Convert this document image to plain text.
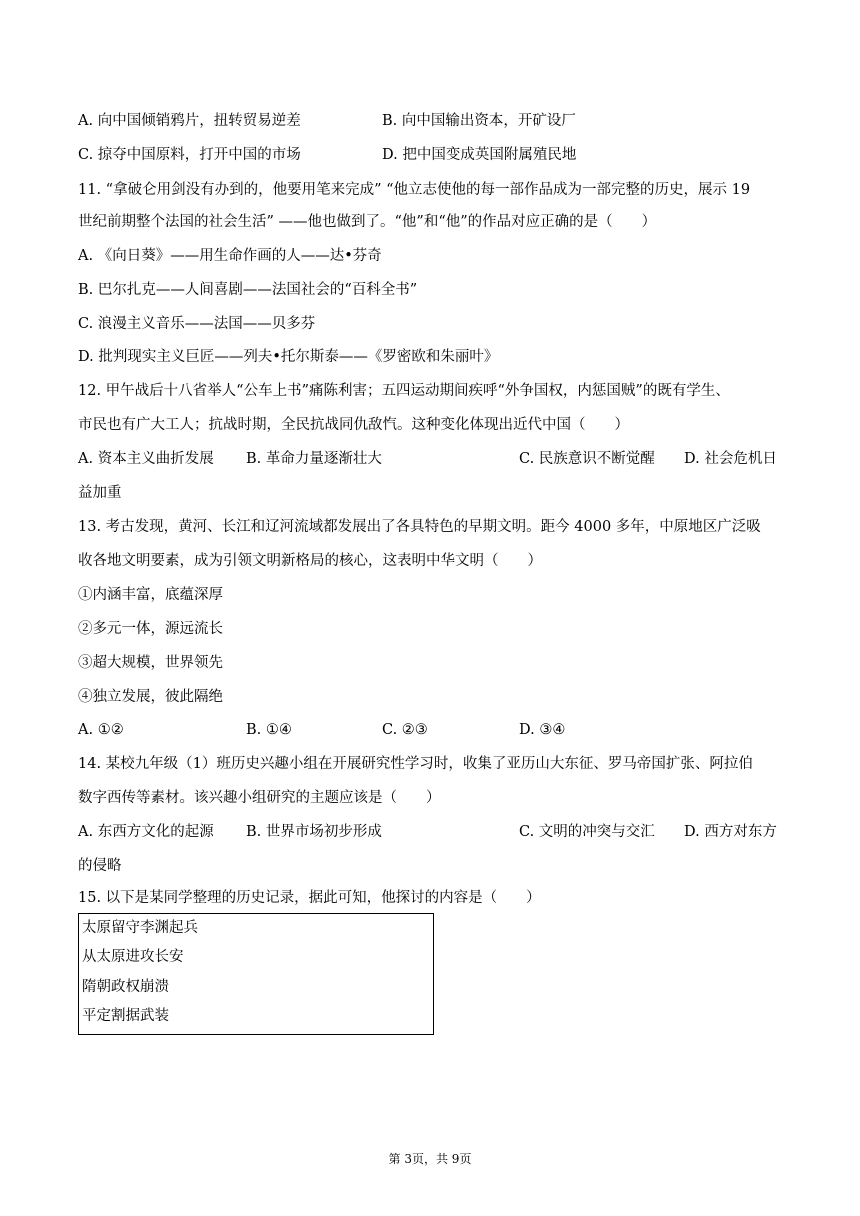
A. 向中国倾销鸦片，扭转贸易逆差	B. 向中国输出资本，开矿设厂
C. 掠夺中国原料，打开中国的市场	D. 把中国变成英国附属殖民地
11. “拿破仑用剑没有办到的，他要用笔来完成” “他立志使他的每一部作品成为一部完整的历史，展示 19
世纪前期整个法国的社会生活” ——他也做到了。“他”和“他”的作品对应正确的是（　　）
A. 《向日葵》——用生命作画的人——达•芬奇
B. 巴尔扎克——人间喜剧——法国社会的“百科全书”
C. 浪漫主义音乐——法国——贝多芬
D. 批判现实主义巨匠——列夫•托尔斯泰——《罗密欧和朱丽叶》
12. 甲午战后十八省举人“公车上书”痛陈利害；五四运动期间疾呼“外争国权，内惩国贼”的既有学生、
市民也有广大工人；抗战时期，全民抗战同仇敌忾。这种变化体现出近代中国（　　）
A. 资本主义曲折发展 B. 革命力量逐渐壮大	C. 民族意识不断觉醒 D. 社会危机日
益加重
13. 考古发现，黄河、长江和辽河流域都发展出了各具特色的早期文明。距今 4000 多年，中原地区广泛吸
收各地文明要素，成为引领文明新格局的核心，这表明中华文明（　　）
①内涵丰富，底蕴深厚
②多元一体，源远流长
③超大规模，世界领先
④独立发展，彼此隔绝
A. ①②	B. ①④	C. ②③	D. ③④
14. 某校九年级（1）班历史兴趣小组在开展研究性学习时，收集了亚历山大东征、罗马帝国扩张、阿拉伯
数字西传等素材。该兴趣小组研究的主题应该是（　　）
A. 东西方文化的起源 B. 世界市场初步形成	C. 文明的冲突与交汇 D. 西方对东方
的侵略
15. 以下是某同学整理的历史记录，据此可知，他探讨的内容是（　　）
太原留守李渊起兵
从太原进攻长安
隋朝政权崩溃
平定割据武装
第 3页，共 9页
